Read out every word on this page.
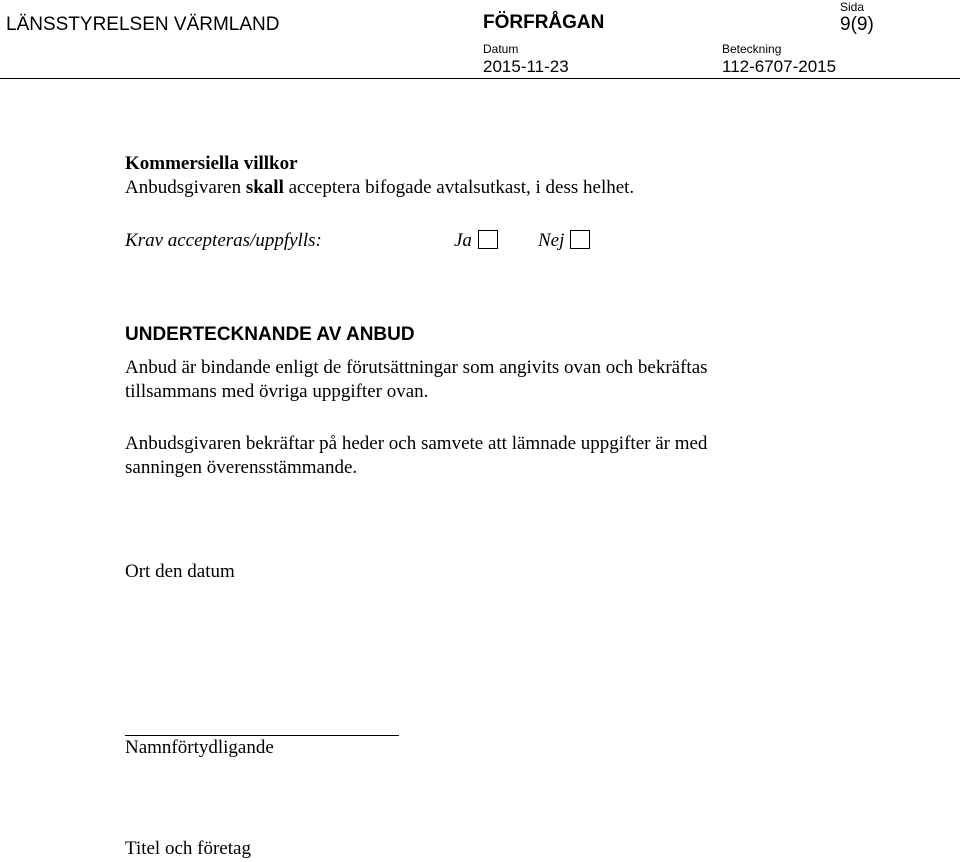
LÄNSSTYRELSEN VÄRMLAND	FÖRFRÅGAN
Sida
9(9)
Datum
2015-11-23
Beteckning
112-6707-2015
Kommersiella villkor
Anbudsgivaren skall acceptera bifogade avtalsutkast, i dess helhet.
Krav accepteras/uppfylls:	Ja	Nej
UNDERTECKNANDE AV ANBUD
Anbud är bindande enligt de förutsättningar som angivits ovan och bekräftas
tillsammans med övriga uppgifter ovan.
Anbudsgivaren bekräftar på heder och samvete att lämnade uppgifter är med
sanningen överensstämmande.
Ort den datum
Namnförtydligande
Titel och företag
